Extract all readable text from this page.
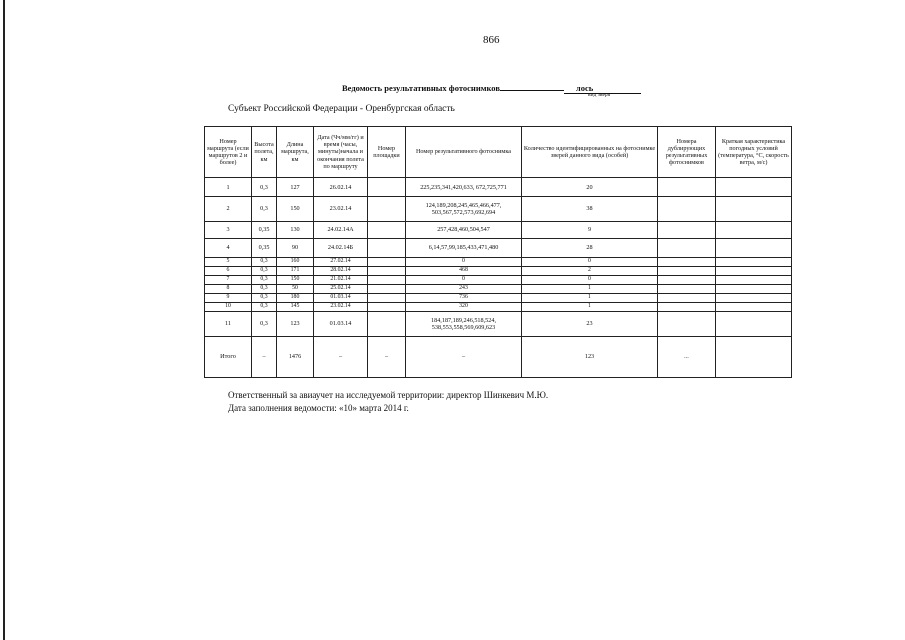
866
Ведомость результативных фотоснимков	лось
вид зверя
Субъект Российской Федерации - Оренбургская область
Номер маршрута (если маршрутов 2 и более)	Высота полета, км	Длина маршрута, км	Дата (Чч/мм/гг) и время (часы, минуты)начала и окончания полета по маршруту	Номер площадки	Номер результативного фотоснимка	Количество идентифицированных на фотоснимке зверей данного вида (особей)	Номера дублирующих результативных фотоснимков	Краткая характеристика погодных условий (температура, °С, скорость ветра, м/с)
1	0,3	127	26.02.14		225,235,341,420,633, 672,725,771	20		
2	0,3	150	23.02.14		124,189,208,245,465,466,477, 503,567,572,573,692,694	38		
3	0,35	130	24.02.14А		257,428,460,504,547	9		
4	0,35	90	24.02.14Б		6,14,57,99,185,433,471,480	28		
5	0,3	160	27.02.14		0	0		
6	0,3	171	28.02.14		468	2		
7	0,3	150	21.02.14		0	0		
8	0,3	50	25.02.14		243	1		
9	0,3	180	01.03.14		736	1		
10	0,3	145	23.02.14		320	1		
11	0,3	123	01.03.14		184,187,189,246,518,524, 538,553,558,569,609,623	23		
Итого	–	1476	–	–	–	123	...	
Ответственный за авиаучет на исследуемой территории: директор Шинкевич М.Ю.
Дата заполнения ведомости: «10» марта 2014 г.
